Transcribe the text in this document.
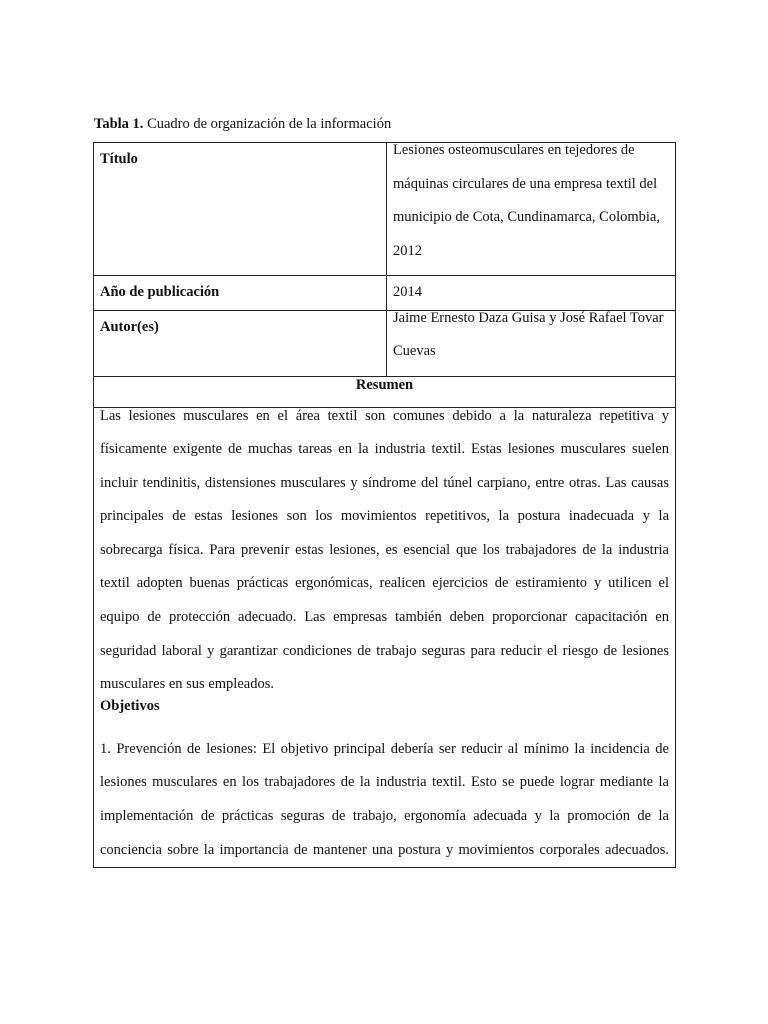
Tabla 1. Cuadro de organización de la información
Título	Lesiones osteomusculares en tejedores de máquinas circulares de una empresa textil del municipio de Cota, Cundinamarca, Colombia, 2012

Año de publicación	2014
Autor(es)	Jaime Ernesto Daza Guisa y José Rafael Tovar Cuevas

Resumen	

Las lesiones musculares en el área textil son comunes debido a la naturaleza repetitiva y físicamente exigente de muchas tareas en la industria textil. Estas lesiones musculares suelen incluir tendinitis, distensiones musculares y síndrome del túnel carpiano, entre otras. Las causas principales de estas lesiones son los movimientos repetitivos, la postura inadecuada y la sobrecarga física. Para prevenir estas lesiones, es esencial que los trabajadores de la industria textil adopten buenas prácticas ergonómicas, realicen ejercicios de estiramiento y utilicen el equipo de protección adecuado. Las empresas también deben proporcionar capacitación en seguridad laboral y garantizar condiciones de trabajo seguras para reducir el riesgo de lesiones musculares en sus empleados.

Objetivos

1. Prevención de lesiones: El objetivo principal debería ser reducir al mínimo la incidencia de lesiones musculares en los trabajadores de la industria textil. Esto se puede lograr mediante la implementación de prácticas seguras de trabajo, ergonomía adecuada y la promoción de la conciencia sobre la importancia de mantener una postura y movimientos corporales adecuados.	
